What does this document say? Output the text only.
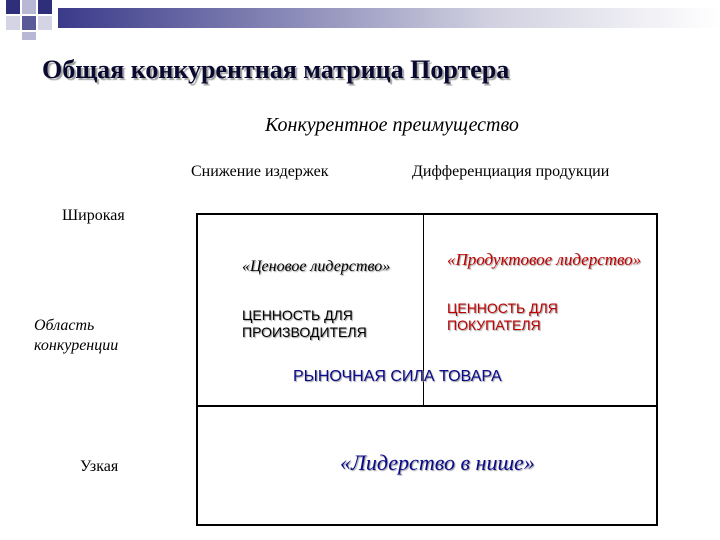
Общая конкурентная матрица Портера
Конкурентное преимущество
Снижение издержек	Дифференциация продукции
Широкая
Область конкуренции
Узкая
«Ценовое лидерство»	«Продуктовое лидерство»
ЦЕННОСТЬ ДЛЯ ПРОИЗВОДИТЕЛЯ
ЦЕННОСТЬ ДЛЯ ПОКУПАТЕЛЯ
РЫНОЧНАЯ СИЛА ТОВАРА
«Лидерство в нише»
